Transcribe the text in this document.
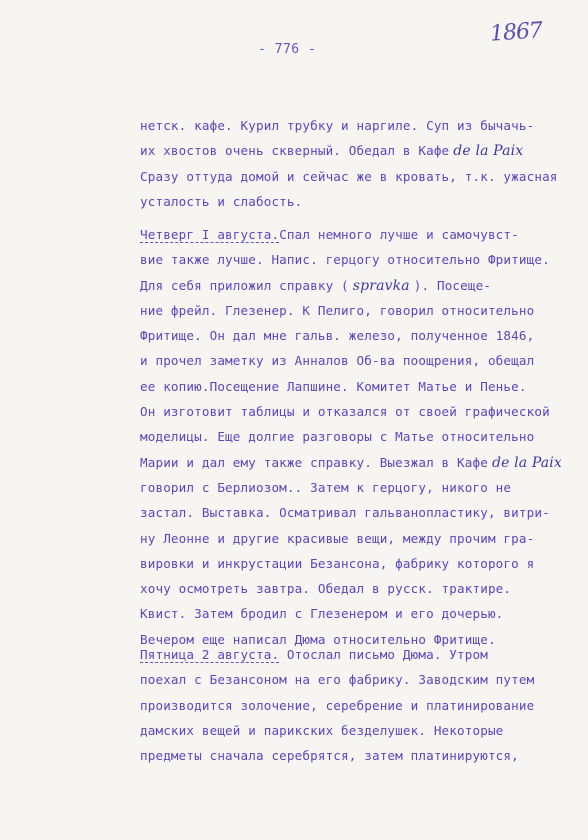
1867
- 776 -
нетск. кафе. Курил трубку и наргиле. Суп из бычачь-
их хвостов очень скверный. Обедал в Кафе de la Paix
Сразу оттуда домой и сейчас же в кровать, т.к. ужасная
усталость и слабость.
Четверг I августа.Спал немного лучше и самочувст-
вие также лучше. Напис. герцогу относительно Фритище.
Для себя приложил справку ( spravka ). Посеще-
ние фрейл. Глезенер. К Пелиго, говорил относительно
Фритище. Он дал мне гальв. железо, полученное 1846,
и прочел заметку из Анналов Об-ва поощрения, обещал
ее копию.Посещение Лапшине. Комитет Матье и Пенье.
Он изготовит таблицы и отказался от своей графической
моделицы. Еще долгие разговоры с Матье относительно
Марии и дал ему также справку. Выезжал в Кафе de la Paix
говорил с Берлиозом.. Затем к герцогу, никого не
застал. Выставка. Осматривал гальванопластику, витри-
ну Леонне и другие красивые вещи, между прочим гра-
вировки и инкрустации Безансона, фабрику которого я
хочу осмотреть завтра. Обедал в русск. трактире.
Квист. Затем бродил с Глезенером и его дочерью.
Вечером еще написал Дюма относительно Фритище.
Пятница 2 августа. Отослал письмо Дюма. Утром
поехал с Безансоном на его фабрику. Заводским путем
производится золочение, серебрение и платинирование
дамских вещей и парикских безделушек. Некоторые
предметы сначала серебрятся, затем платинируются,
